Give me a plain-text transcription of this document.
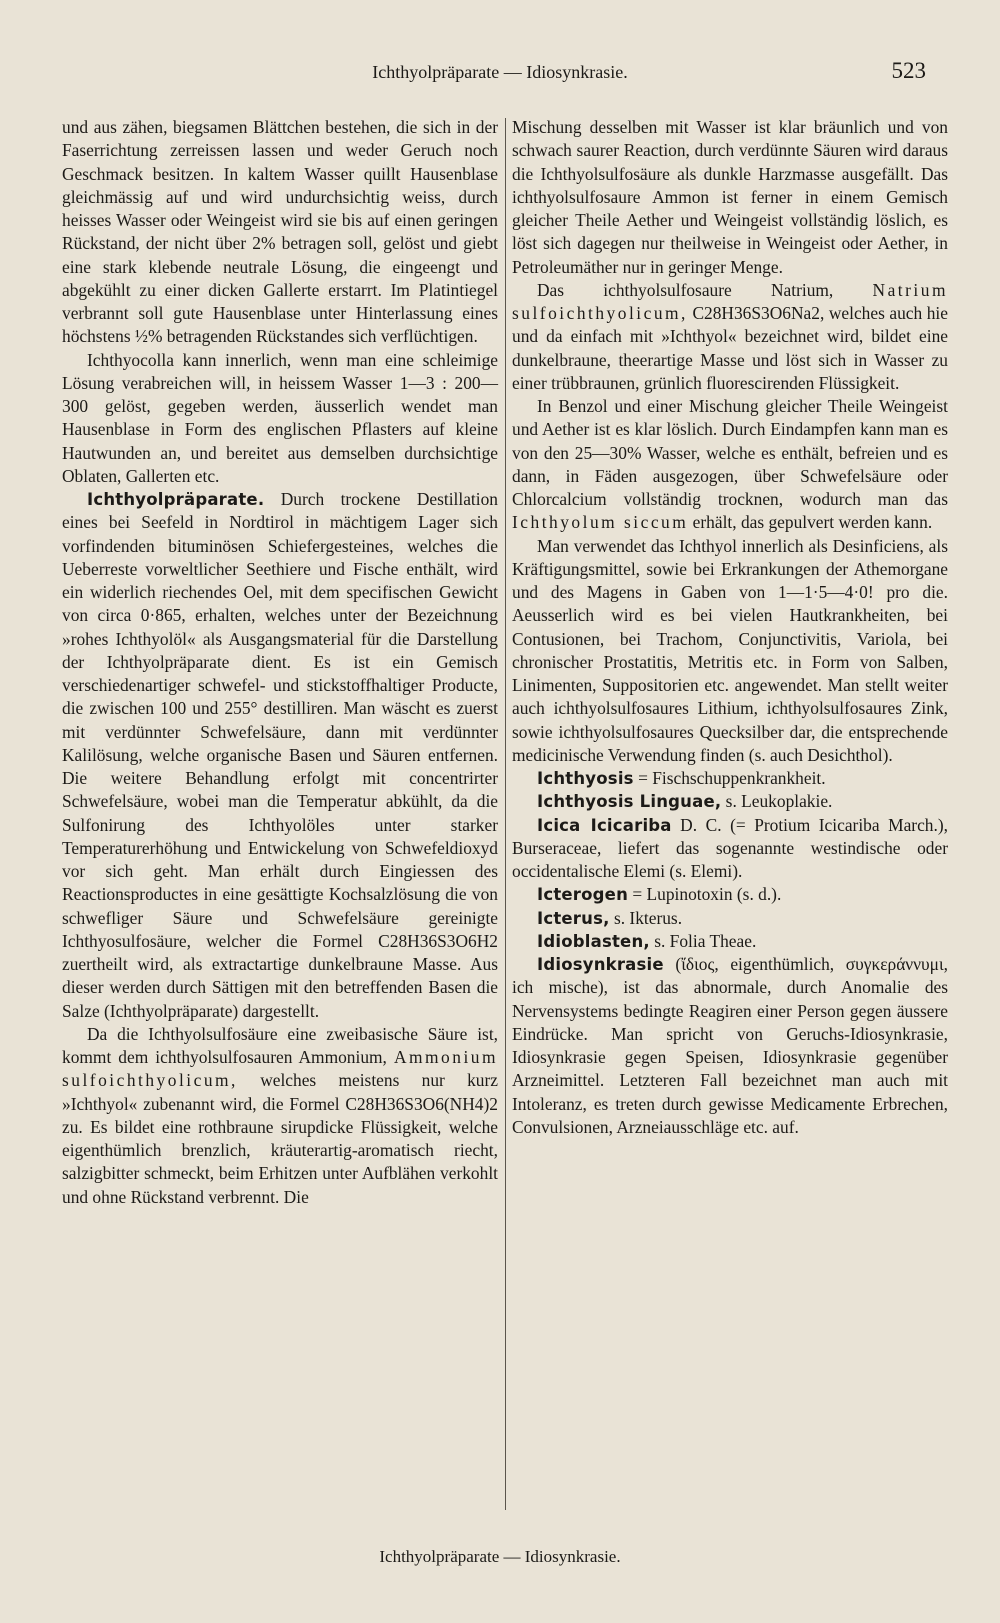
Ichthyolpräparate — Idiosynkrasie.	523

und aus zähen, biegsamen Blättchen bestehen, die sich in der Faserrichtung zerreissen lassen und weder Geruch noch Geschmack besitzen. In kaltem Wasser quillt Hausenblase gleichmässig auf und wird undurchsichtig weiss, durch heisses Wasser oder Weingeist wird sie bis auf einen geringen Rückstand, der nicht über 2% betragen soll, gelöst und giebt eine stark klebende neutrale Lösung, die eingeengt und abgekühlt zu einer dicken Gallerte erstarrt. Im Platintiegel verbrannt soll gute Hausenblase unter Hinterlassung eines höchstens ½% betragenden Rückstandes sich verflüchtigen.

Ichthyocolla kann innerlich, wenn man eine schleimige Lösung verabreichen will, in heissem Wasser 1—3 : 200—300 gelöst, gegeben werden, äusserlich wendet man Hausenblase in Form des englischen Pflasters auf kleine Hautwunden an, und bereitet aus demselben durchsichtige Oblaten, Gallerten etc.

Ichthyolpräparate. Durch trockene Destillation eines bei Seefeld in Nordtirol in mächtigem Lager sich vorfindenden bituminösen Schiefergesteines, welches die Ueberreste vorweltlicher Seethiere und Fische enthält, wird ein widerlich riechendes Oel, mit dem specifischen Gewicht von circa 0·865, erhalten, welches unter der Bezeichnung »rohes Ichthyolöl« als Ausgangsmaterial für die Darstellung der Ichthyolpräparate dient. Es ist ein Gemisch verschiedenartiger schwefel- und stickstoffhaltiger Producte, die zwischen 100 und 255° destilliren. Man wäscht es zuerst mit verdünnter Schwefelsäure, dann mit verdünnter Kalilösung, welche organische Basen und Säuren entfernen. Die weitere Behandlung erfolgt mit concentrirter Schwefelsäure, wobei man die Temperatur abkühlt, da die Sulfonirung des Ichthyolöles unter starker Temperaturerhöhung und Entwickelung von Schwefeldioxyd vor sich geht. Man erhält durch Eingiessen des Reactionsproductes in eine gesättigte Kochsalzlösung die von schwefliger Säure und Schwefelsäure gereinigte Ichthyosulfosäure, welcher die Formel C28H36S3O6H2 zuertheilt wird, als extractartige dunkelbraune Masse. Aus dieser werden durch Sättigen mit den betreffenden Basen die Salze (Ichthyolpräparate) dargestellt.

Da die Ichthyolsulfosäure eine zweibasische Säure ist, kommt dem ichthyolsulfosauren Ammonium, Ammonium sulfoichthyolicum, welches meistens nur kurz »Ichthyol« zubenannt wird, die Formel C28H36S3O6(NH4)2 zu. Es bildet eine rothbraune sirupdicke Flüssigkeit, welche eigenthümlich brenzlich, kräuterartig-aromatisch riecht, salzigbitter schmeckt, beim Erhitzen unter Aufblähen verkohlt und ohne Rückstand verbrennt. Die

Mischung desselben mit Wasser ist klar bräunlich und von schwach saurer Reaction, durch verdünnte Säuren wird daraus die Ichthyolsulfosäure als dunkle Harzmasse ausgefällt. Das ichthyolsulfosaure Ammon ist ferner in einem Gemisch gleicher Theile Aether und Weingeist vollständig löslich, es löst sich dagegen nur theilweise in Weingeist oder Aether, in Petroleumäther nur in geringer Menge.

Das ichthyolsulfosaure Natrium, Natrium sulfoichthyolicum, C28H36S3O6Na2, welches auch hie und da einfach mit »Ichthyol« bezeichnet wird, bildet eine dunkelbraune, theerartige Masse und löst sich in Wasser zu einer trübbraunen, grünlich fluorescirenden Flüssigkeit.

In Benzol und einer Mischung gleicher Theile Weingeist und Aether ist es klar löslich. Durch Eindampfen kann man es von den 25—30% Wasser, welche es enthält, befreien und es dann, in Fäden ausgezogen, über Schwefelsäure oder Chlorcalcium vollständig trocknen, wodurch man das Ichthyolum siccum erhält, das gepulvert werden kann.

Man verwendet das Ichthyol innerlich als Desinficiens, als Kräftigungsmittel, sowie bei Erkrankungen der Athemorgane und des Magens in Gaben von 1—1·5—4·0! pro die. Aeusserlich wird es bei vielen Hautkrankheiten, bei Contusionen, bei Trachom, Conjunctivitis, Variola, bei chronischer Prostatitis, Metritis etc. in Form von Salben, Linimenten, Suppositorien etc. angewendet. Man stellt weiter auch ichthyolsulfosaures Lithium, ichthyolsulfosaures Zink, sowie ichthyolsulfosaures Quecksilber dar, die entsprechende medicinische Verwendung finden (s. auch Desichthol).

Ichthyosis = Fischschuppenkrankheit.

Ichthyosis Linguae, s. Leukoplakie.

Icica Icicariba D. C. (= Protium Icicariba March.), Burseraceae, liefert das sogenannte westindische oder occidentalische Elemi (s. Elemi).

Icterogen = Lupinotoxin (s. d.).

Icterus, s. Ikterus.

Idioblasten, s. Folia Theae.

Idiosynkrasie (ἴδιος, eigenthümlich, συγκεράννυμι, ich mische), ist das abnormale, durch Anomalie des Nervensystems bedingte Reagiren einer Person gegen äussere Eindrücke. Man spricht von Geruchs-Idiosynkrasie, Idiosynkrasie gegen Speisen, Idiosynkrasie gegenüber Arzneimittel. Letzteren Fall bezeichnet man auch mit Intoleranz, es treten durch gewisse Medicamente Erbrechen, Convulsionen, Arzneiausschläge etc. auf.

Ichthyolpräparate — Idiosynkrasie.
